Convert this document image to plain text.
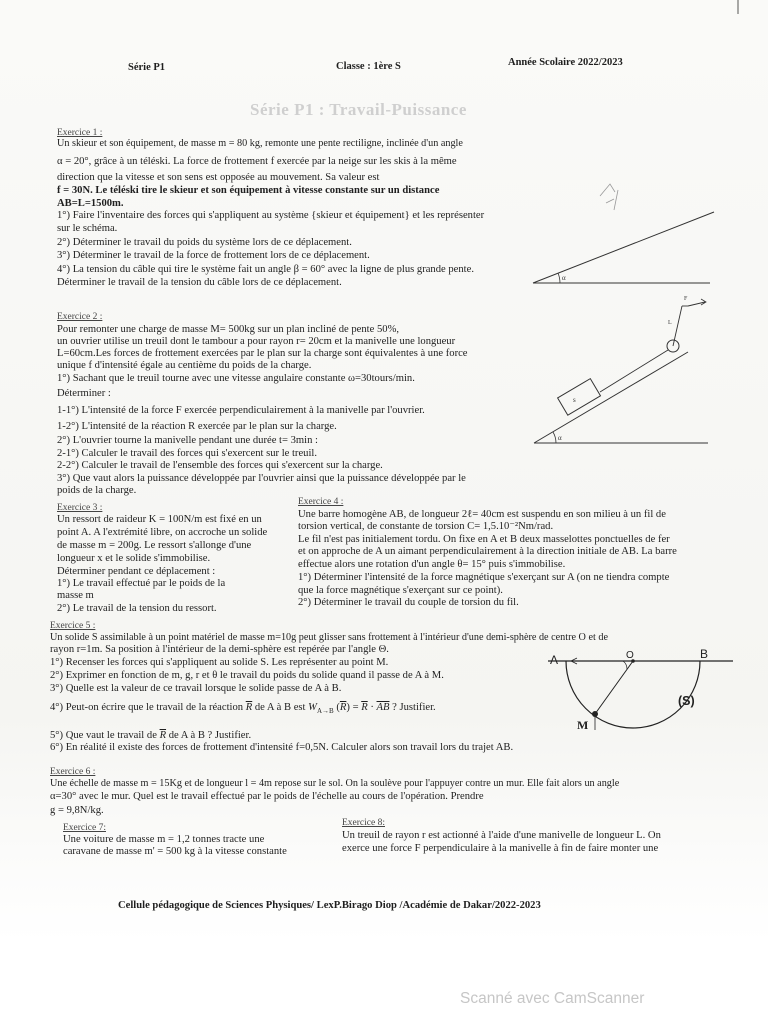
Série P1	Classe : 1ère S	Année Scolaire 2022/2023
Série P1 : Travail-Puissance
Exercice 1 :
Un skieur et son équipement, de masse m = 80 kg, remonte une pente rectiligne, inclinée d'un angle
α = 20°, grâce à un téléski. La force de frottement f exercée par la neige sur les skis à la même
direction que la vitesse et son sens est opposée au mouvement. Sa valeur est
f = 30N. Le téléski tire le skieur et son équipement à vitesse constante sur un distance
AB=L=1500m.
1°) Faire l'inventaire des forces qui s'appliquent au système {skieur et équipement} et les représenter
sur le schéma.
2°) Déterminer le travail du poids du système lors de ce déplacement.
3°) Déterminer le travail de la force de frottement lors de ce déplacement.
4°) La tension du câble qui tire le système fait un angle β = 60° avec la ligne de plus grande pente.
Déterminer le travail de la tension du câble lors de ce déplacement.	α
Exercice 2 :
Pour remonter une charge de masse M= 500kg sur un plan incliné de pente 50%,
un ouvrier utilise un treuil dont le tambour a pour rayon r= 20cm et la manivelle une longueur
L=60cm.Les forces de frottement exercées par le plan sur la charge sont équivalentes à une force
unique f d'intensité égale au centième du poids de la charge.
1°) Sachant que le treuil tourne avec une vitesse angulaire constante ω=30tours/min.
Déterminer :
1-1°) L'intensité de la force F exercée perpendiculairement à la manivelle par l'ouvrier.
1-2°) L'intensité de la réaction R exercée par le plan sur la charge.
2°) L'ouvrier tourne la manivelle pendant une durée t= 3min :
2-1°) Calculer le travail des forces qui s'exercent sur le treuil.
2-2°) Calculer le travail de l'ensemble des forces qui s'exercent sur la charge.
3°) Que vaut alors la puissance développée par l'ouvrier ainsi que la puissance développée par le
poids de la charge.
α
s
F
L
Exercice 3 :
Un ressort de raideur K = 100N/m est fixé en un
point A. A l'extrémité libre, on accroche un solide
de masse m = 200g. Le ressort s'allonge d'une
longueur x et le solide s'immobilise.
Déterminer pendant ce déplacement :
1°) Le travail effectué par le poids de la
masse m
2°) Le travail de la tension du ressort.
Exercice 4 :
Une barre homogène AB, de longueur 2ℓ= 40cm est suspendu en son milieu à un fil de
torsion vertical, de constante de torsion C= 1,5.10⁻²Nm/rad.
Le fil n'est pas initialement tordu. On fixe en A et B deux masselottes ponctuelles de fer
et on approche de A un aimant perpendiculairement à la direction initiale de AB. La barre
effectue alors une rotation d'un angle θ= 15° puis s'immobilise.
1°) Déterminer l'intensité de la force magnétique s'exerçant sur A (on ne tiendra compte
que la force magnétique s'exerçant sur ce point).
2°) Déterminer le travail du couple de torsion du fil.
Exercice 5 :
Un solide S assimilable à un point matériel de masse m=10g peut glisser sans frottement à l'intérieur d'une demi-sphère de centre O et de
rayon r=1m. Sa position à l'intérieur de la demi-sphère est repérée par l'angle Θ.
1°) Recenser les forces qui s'appliquent au solide S. Les représenter au point M.
2°) Exprimer en fonction de m, g, r et θ le travail du poids du solide quand il passe de A à M.
3°) Quelle est la valeur de ce travail lorsque le solide passe de A à B.
4°) Peut-on écrire que le travail de la réaction $\overline{R}$ de A à B est $W_{A\to B}$ $(\overline{R}) = \overline{R} \cdot \overline{AB}$ ? Justifier.
5°) Que vaut le travail de $\overline{R}$ de A à B ? Justifier.
6°) En réalité il existe des forces de frottement d'intensité f=0,5N. Calculer alors son travail lors du trajet AB.
A	O	B
M
(S)
Exercice 6 :
Une échelle de masse m = 15Kg et de longueur l = 4m repose sur le sol. On la soulève pour l'appuyer contre un mur. Elle fait alors un angle
α=30° avec le mur. Quel est le travail effectué par le poids de l'échelle au cours de l'opération. Prendre
g = 9,8N/kg.
Exercice 7:
Une voiture de masse m = 1,2 tonnes tracte une
caravane de masse m' = 500 kg à la vitesse constante
Exercice 8:
Un treuil de rayon r est actionné à l'aide d'une manivelle de longueur L. On
exerce une force F perpendiculaire à la manivelle à fin de faire monter une
Cellule pédagogique de Sciences Physiques/ LexP.Birago Diop /Académie de Dakar/2022-2023
Scanné avec CamScanner
